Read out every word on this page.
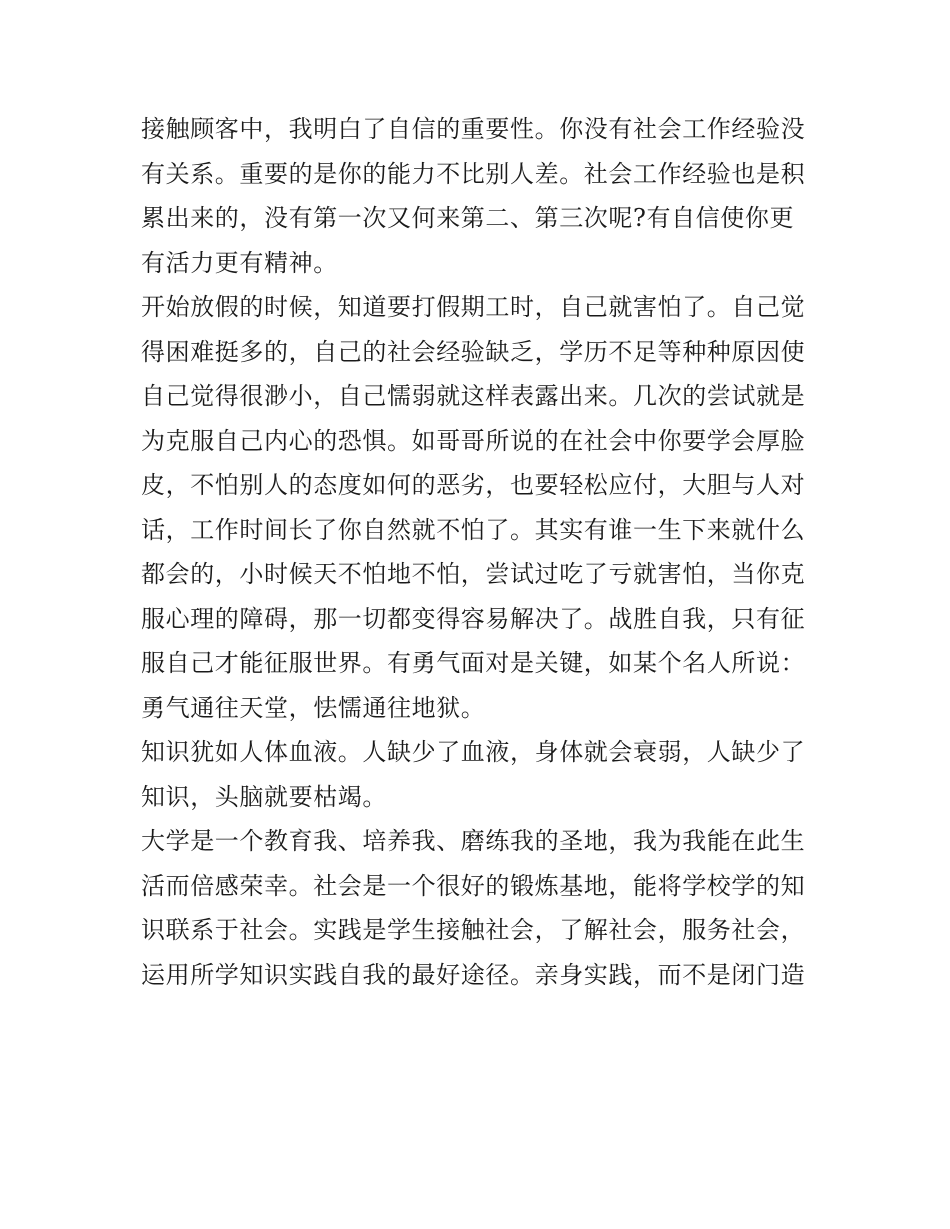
接触顾客中，我明白了自信的重要性。你没有社会工作经验没
有关系。重要的是你的能力不比别人差。社会工作经验也是积
累出来的，没有第一次又何来第二、第三次呢?有自信使你更
有活力更有精神。
开始放假的时候，知道要打假期工时，自己就害怕了。自己觉
得困难挺多的，自己的社会经验缺乏，学历不足等种种原因使
自己觉得很渺小，自己懦弱就这样表露出来。几次的尝试就是
为克服自己内心的恐惧。如哥哥所说的在社会中你要学会厚脸
皮，不怕别人的态度如何的恶劣，也要轻松应付，大胆与人对
话，工作时间长了你自然就不怕了。其实有谁一生下来就什么
都会的，小时候天不怕地不怕，尝试过吃了亏就害怕，当你克
服心理的障碍，那一切都变得容易解决了。战胜自我，只有征
服自己才能征服世界。有勇气面对是关键，如某个名人所说：
勇气通往天堂，怯懦通往地狱。
知识犹如人体血液。人缺少了血液，身体就会衰弱，人缺少了
知识，头脑就要枯竭。
大学是一个教育我、培养我、磨练我的圣地，我为我能在此生
活而倍感荣幸。社会是一个很好的锻炼基地，能将学校学的知
识联系于社会。实践是学生接触社会，了解社会，服务社会，
运用所学知识实践自我的最好途径。亲身实践，而不是闭门造
